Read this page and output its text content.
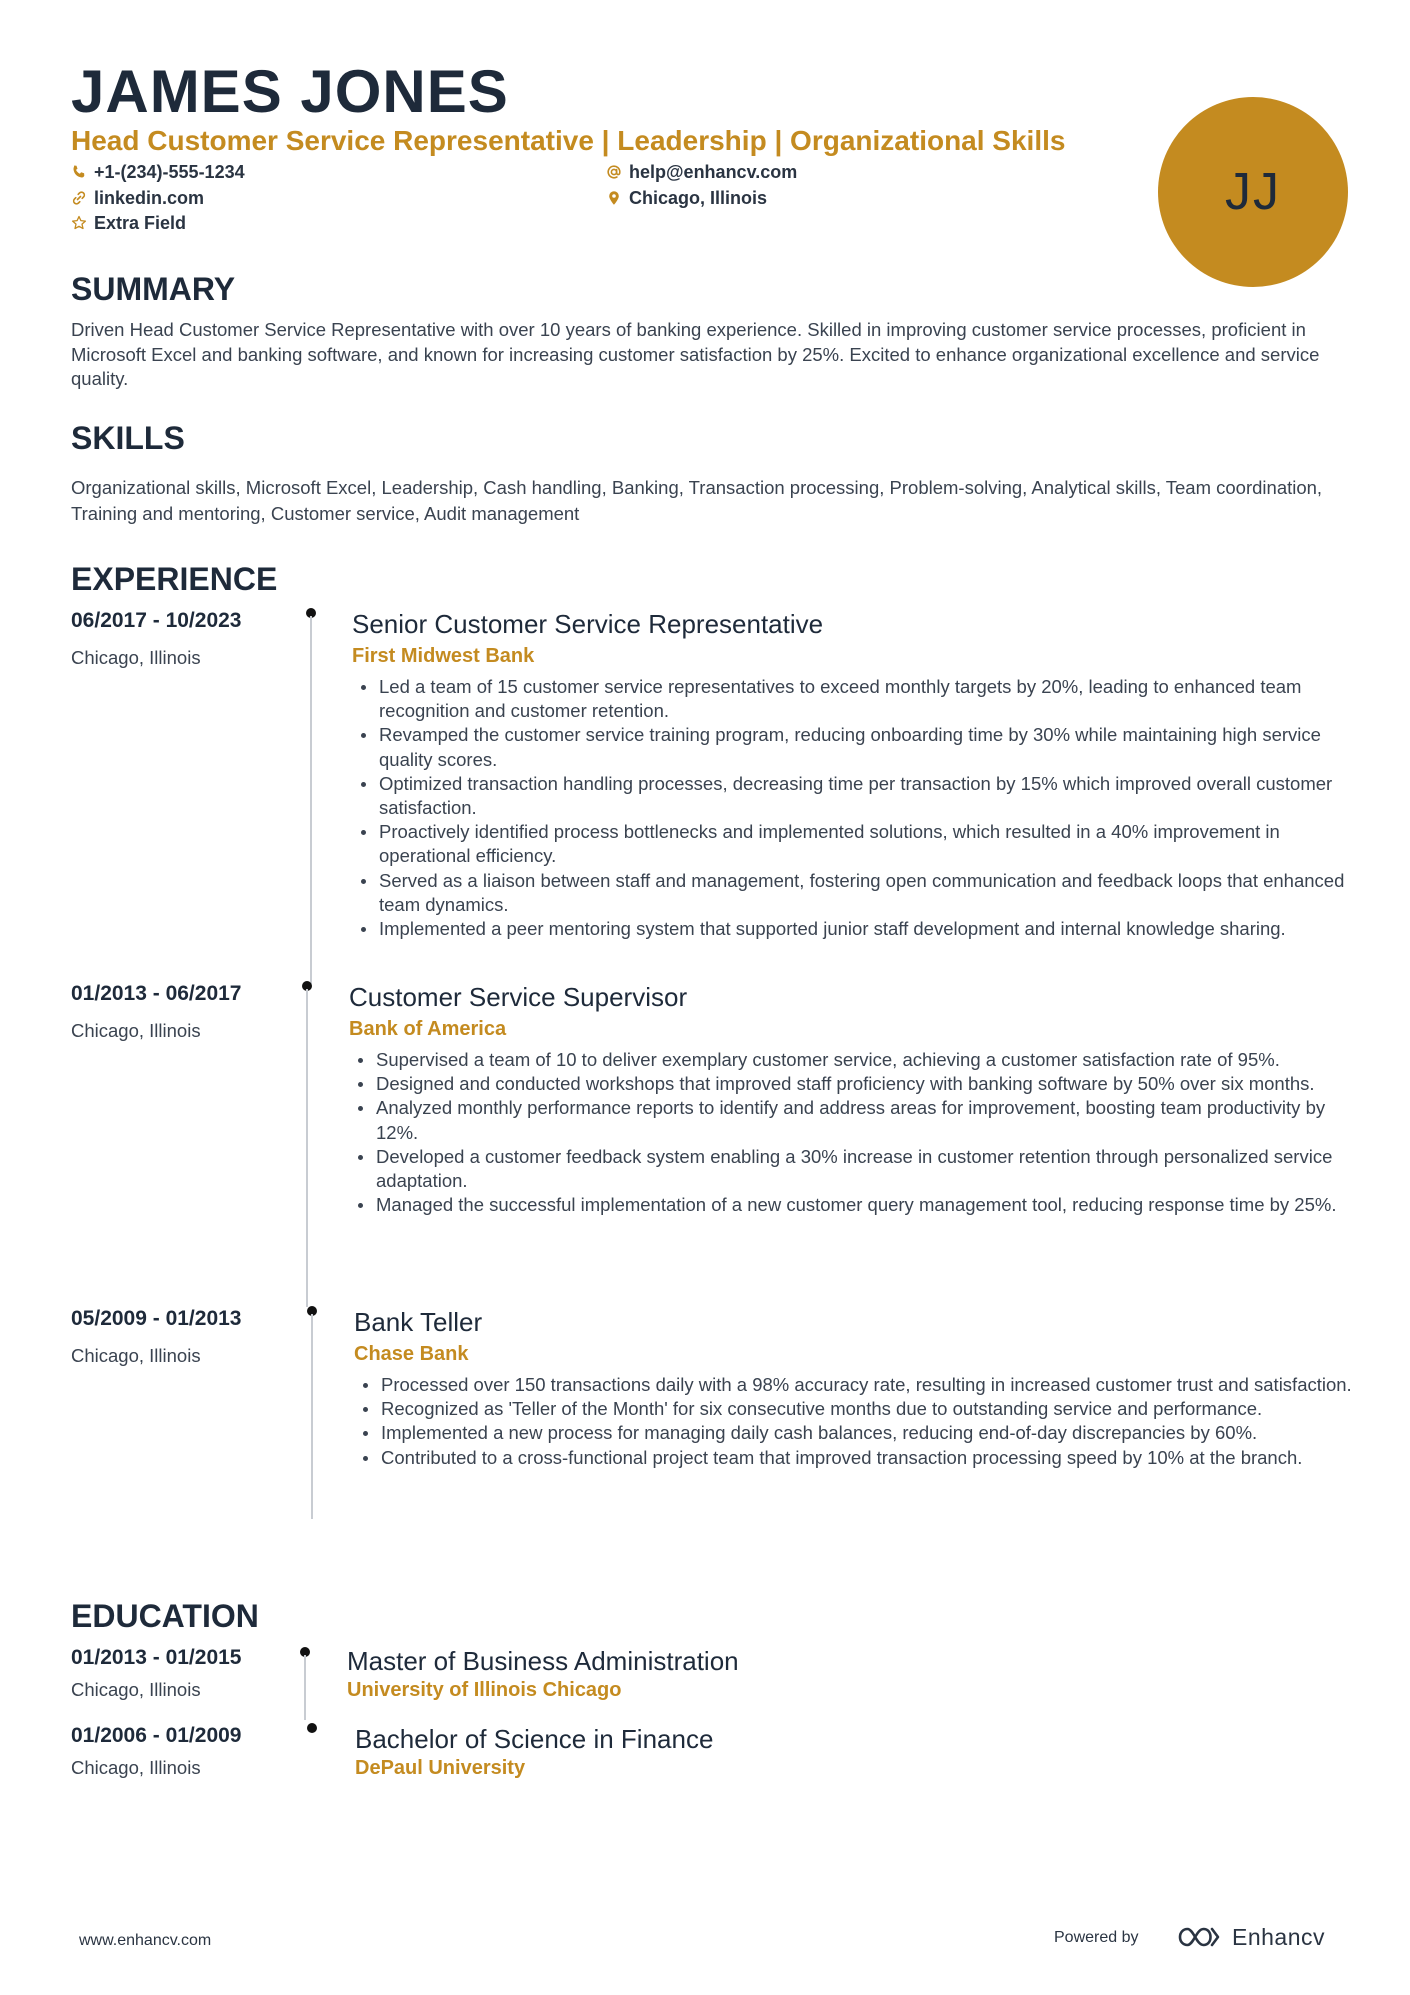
JAMES JONES
Head Customer Service Representative | Leadership | Organizational Skills
+1-(234)-555-1234	help@enhancv.com
linkedin.com	Chicago, Illinois
Extra Field
JJ
SUMMARY
Driven Head Customer Service Representative with over 10 years of banking experience. Skilled in improving customer service processes, proficient in Microsoft Excel and banking software, and known for increasing customer satisfaction by 25%. Excited to enhance organizational excellence and service quality.
SKILLS
Organizational skills, Microsoft Excel, Leadership, Cash handling, Banking, Transaction processing, Problem-solving, Analytical skills, Team coordination, Training and mentoring, Customer service, Audit management
EXPERIENCE
06/2017 - 10/2023
Chicago, Illinois
Senior Customer Service Representative
First Midwest Bank
Led a team of 15 customer service representatives to exceed monthly targets by 20%, leading to enhanced team recognition and customer retention.
Revamped the customer service training program, reducing onboarding time by 30% while maintaining high service quality scores.
Optimized transaction handling processes, decreasing time per transaction by 15% which improved overall customer satisfaction.
Proactively identified process bottlenecks and implemented solutions, which resulted in a 40% improvement in operational efficiency.
Served as a liaison between staff and management, fostering open communication and feedback loops that enhanced team dynamics.
Implemented a peer mentoring system that supported junior staff development and internal knowledge sharing.
01/2013 - 06/2017
Chicago, Illinois
Customer Service Supervisor
Bank of America
Supervised a team of 10 to deliver exemplary customer service, achieving a customer satisfaction rate of 95%.
Designed and conducted workshops that improved staff proficiency with banking software by 50% over six months.
Analyzed monthly performance reports to identify and address areas for improvement, boosting team productivity by 12%.
Developed a customer feedback system enabling a 30% increase in customer retention through personalized service adaptation.
Managed the successful implementation of a new customer query management tool, reducing response time by 25%.
05/2009 - 01/2013
Chicago, Illinois
Bank Teller
Chase Bank
Processed over 150 transactions daily with a 98% accuracy rate, resulting in increased customer trust and satisfaction.
Recognized as 'Teller of the Month' for six consecutive months due to outstanding service and performance.
Implemented a new process for managing daily cash balances, reducing end-of-day discrepancies by 60%.
Contributed to a cross-functional project team that improved transaction processing speed by 10% at the branch.
EDUCATION
01/2013 - 01/2015
Chicago, Illinois
Master of Business Administration
University of Illinois Chicago
01/2006 - 01/2009
Chicago, Illinois
Bachelor of Science in Finance
DePaul University
www.enhancv.com	Powered by	Enhancv
